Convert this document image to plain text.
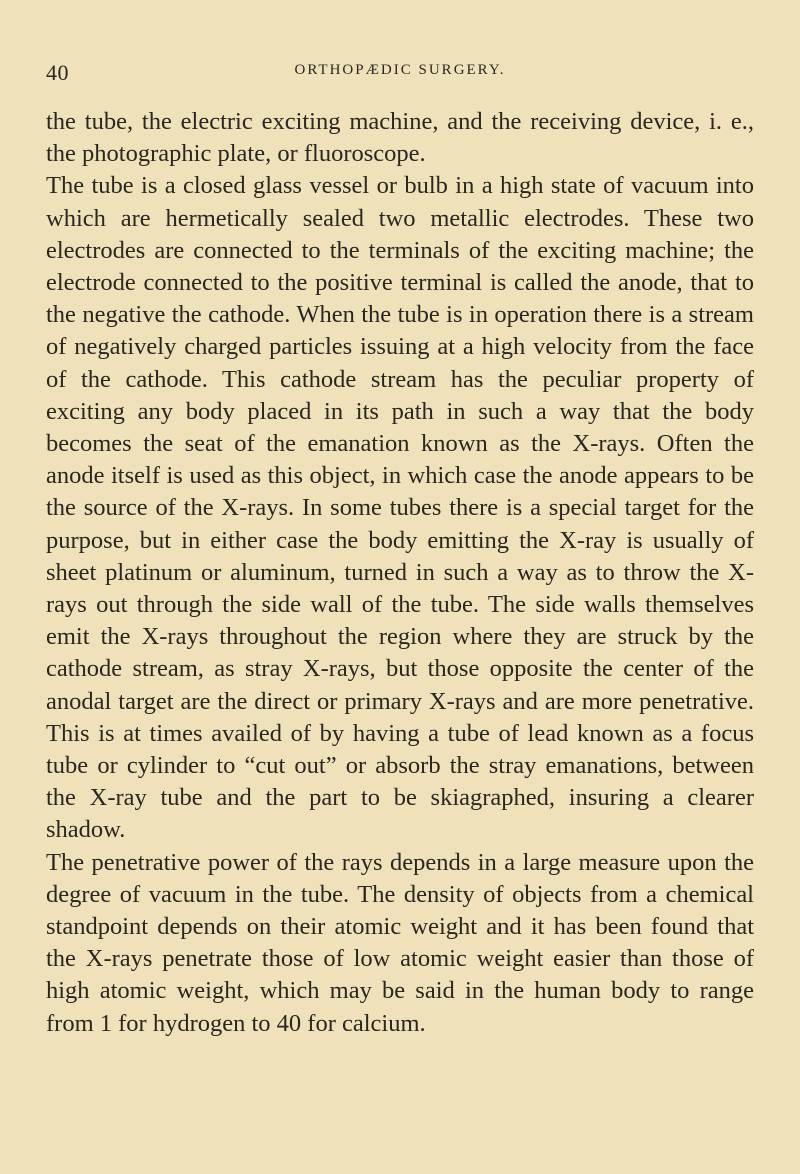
40	ORTHOPÆDIC SURGERY.

the tube, the electric exciting machine, and the receiving device, i. e., the photographic plate, or fluoroscope.

The tube is a closed glass vessel or bulb in a high state of vacuum into which are hermetically sealed two metallic electrodes. These two electrodes are connected to the terminals of the exciting machine; the electrode connected to the positive terminal is called the anode, that to the negative the cathode. When the tube is in operation there is a stream of negatively charged particles issuing at a high velocity from the face of the cathode. This cathode stream has the peculiar property of exciting any body placed in its path in such a way that the body becomes the seat of the emanation known as the X-rays. Often the anode itself is used as this object, in which case the anode appears to be the source of the X-rays. In some tubes there is a special target for the purpose, but in either case the body emitting the X-ray is usually of sheet platinum or aluminum, turned in such a way as to throw the X-rays out through the side wall of the tube. The side walls themselves emit the X-rays throughout the region where they are struck by the cathode stream, as stray X-rays, but those opposite the center of the anodal target are the direct or primary X-rays and are more penetrative. This is at times availed of by having a tube of lead known as a focus tube or cylinder to “cut out” or absorb the stray emanations, between the X-ray tube and the part to be skiagraphed, insuring a clearer shadow.

The penetrative power of the rays depends in a large measure upon the degree of vacuum in the tube. The density of objects from a chemical standpoint depends on their atomic weight and it has been found that the X-rays penetrate those of low atomic weight easier than those of high atomic weight, which may be said in the human body to range from 1 for hydrogen to 40 for calcium.
